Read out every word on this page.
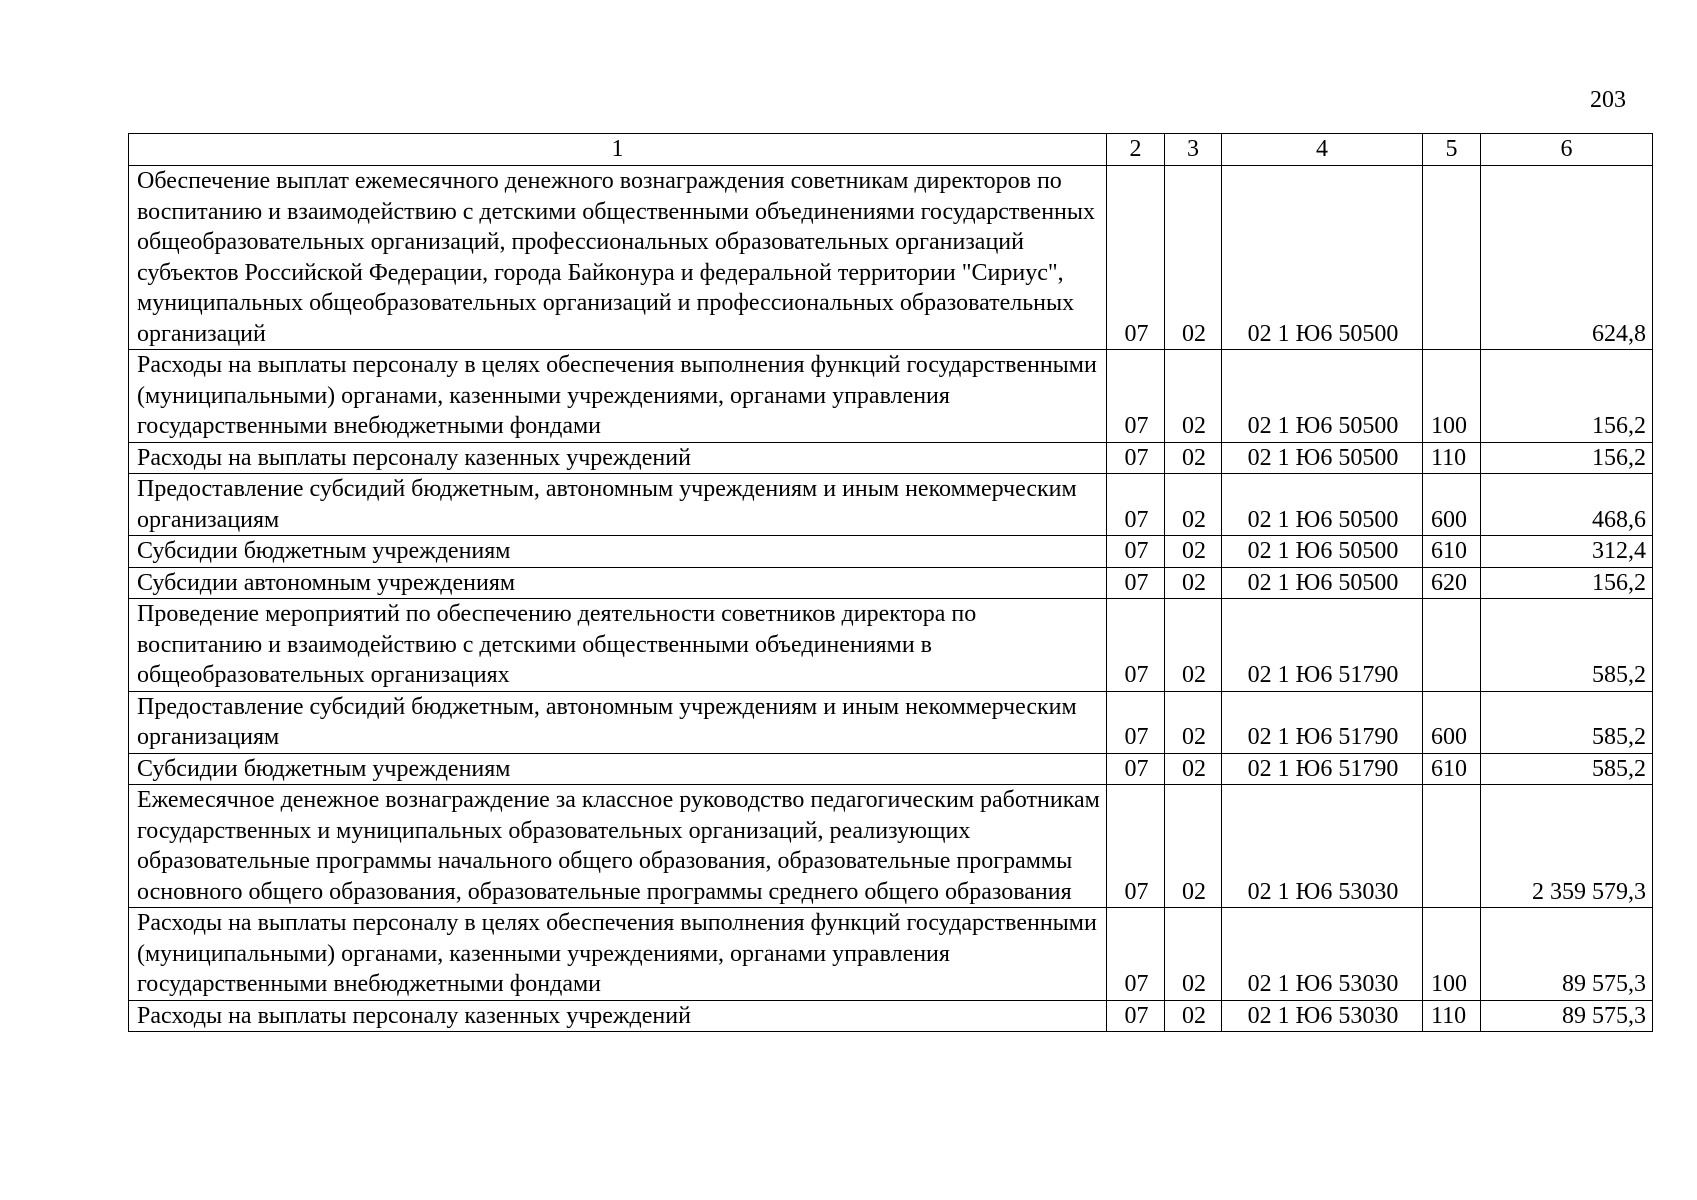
203
1	2	3	4	5	6
Обеспечение выплат ежемесячного денежного вознаграждения советникам директоров по воспитанию и взаимодействию с детскими общественными объединениями государственных общеобразовательных организаций, профессиональных образовательных организаций субъектов Российской Федерации, города Байконура и федеральной территории "Сириус", муниципальных общеобразовательных организаций и профессиональных образовательных организаций	07	02	02 1 Ю6 50500		624,8
Расходы на выплаты персоналу в целях обеспечения выполнения функций государственными (муниципальными) органами, казенными учреждениями, органами управления государственными внебюджетными фондами	07	02	02 1 Ю6 50500	100	156,2
Расходы на выплаты персоналу казенных учреждений	07	02	02 1 Ю6 50500	110	156,2
Предоставление субсидий бюджетным, автономным учреждениям и иным некоммерческим организациям	07	02	02 1 Ю6 50500	600	468,6
Субсидии бюджетным учреждениям	07	02	02 1 Ю6 50500	610	312,4
Субсидии автономным учреждениям	07	02	02 1 Ю6 50500	620	156,2
Проведение мероприятий по обеспечению деятельности советников директора по воспитанию и взаимодействию с детскими общественными объединениями в общеобразовательных организациях	07	02	02 1 Ю6 51790		585,2
Предоставление субсидий бюджетным, автономным учреждениям и иным некоммерческим организациям	07	02	02 1 Ю6 51790	600	585,2
Субсидии бюджетным учреждениям	07	02	02 1 Ю6 51790	610	585,2
Ежемесячное денежное вознаграждение за классное руководство педагогическим работникам государственных и муниципальных образовательных организаций, реализующих образовательные программы начального общего образования, образовательные программы основного общего образования, образовательные программы среднего общего образования	07	02	02 1 Ю6 53030		2 359 579,3
Расходы на выплаты персоналу в целях обеспечения выполнения функций государственными (муниципальными) органами, казенными учреждениями, органами управления государственными внебюджетными фондами	07	02	02 1 Ю6 53030	100	89 575,3
Расходы на выплаты персоналу казенных учреждений	07	02	02 1 Ю6 53030	110	89 575,3
